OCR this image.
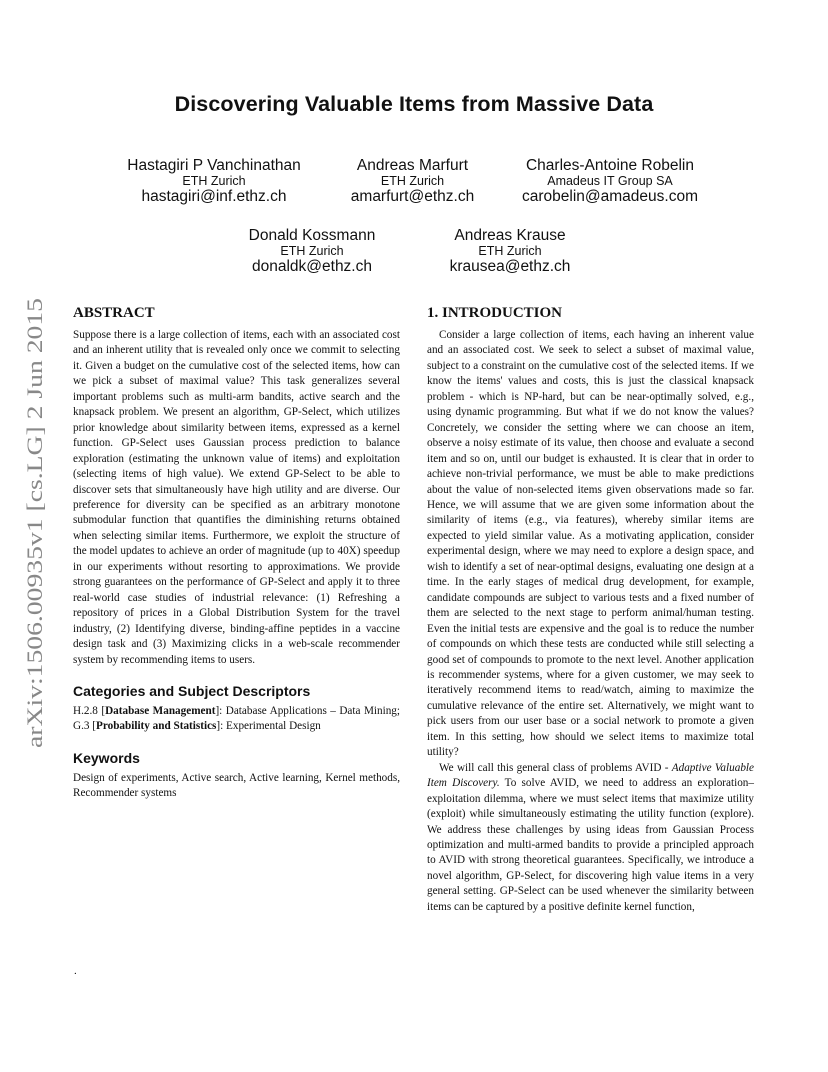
Discovering Valuable Items from Massive Data
Hastagiri P Vanchinathan
ETH Zurich
hastagiri@inf.ethz.ch
Andreas Marfurt
ETH Zurich
amarfurt@ethz.ch
Charles-Antoine Robelin
Amadeus IT Group SA
carobelin@amadeus.com
Donald Kossmann
ETH Zurich
donaldk@ethz.ch
Andreas Krause
ETH Zurich
krausea@ethz.ch
arXiv:1506.00935v1 [cs.LG] 2 Jun 2015
ABSTRACT

Suppose there is a large collection of items, each with an associated cost and an inherent utility that is revealed only once we commit to selecting it. Given a budget on the cumulative cost of the selected items, how can we pick a subset of maximal value? This task generalizes several important problems such as multi-arm bandits, active search and the knapsack problem. We present an algorithm, GP-Select, which utilizes prior knowledge about similarity between items, expressed as a kernel function. GP-Select uses Gaussian process prediction to balance exploration (estimating the unknown value of items) and exploitation (selecting items of high value). We extend GP-Select to be able to discover sets that simultaneously have high utility and are diverse. Our preference for diversity can be specified as an arbitrary monotone submodular function that quantifies the diminishing returns obtained when selecting similar items. Furthermore, we exploit the structure of the model updates to achieve an order of magnitude (up to 40X) speedup in our experiments without resorting to approximations. We provide strong guarantees on the performance of GP-Select and apply it to three real-world case studies of industrial relevance: (1) Refreshing a repository of prices in a Global Distribution System for the travel industry, (2) Identifying diverse, binding-affine peptides in a vaccine design task and (3) Maximizing clicks in a web-scale recommender system by recommending items to users.

Categories and Subject Descriptors

H.2.8 [Database Management]: Database Applications – Data Mining; G.3 [Probability and Statistics]: Experimental Design

Keywords

Design of experiments, Active search, Active learning, Kernel methods, Recommender systems

1. INTRODUCTION

Consider a large collection of items, each having an inherent value and an associated cost. We seek to select a subset of maximal value, subject to a constraint on the cumulative cost of the selected items. If we know the items' values and costs, this is just the classical knapsack problem - which is NP-hard, but can be near-optimally solved, e.g., using dynamic programming. But what if we do not know the values? Concretely, we consider the setting where we can choose an item, observe a noisy estimate of its value, then choose and evaluate a second item and so on, until our budget is exhausted. It is clear that in order to achieve non-trivial performance, we must be able to make predictions about the value of non-selected items given observations made so far. Hence, we will assume that we are given some information about the similarity of items (e.g., via features), whereby similar items are expected to yield similar value. As a motivating application, consider experimental design, where we may need to explore a design space, and wish to identify a set of near-optimal designs, evaluating one design at a time. In the early stages of medical drug development, for example, candidate compounds are subject to various tests and a fixed number of them are selected to the next stage to perform animal/human testing. Even the initial tests are expensive and the goal is to reduce the number of compounds on which these tests are conducted while still selecting a good set of compounds to promote to the next level. Another application is recommender systems, where for a given customer, we may seek to iteratively recommend items to read/watch, aiming to maximize the cumulative relevance of the entire set. Alternatively, we might want to pick users from our user base or a social network to promote a given item. In this setting, how should we select items to maximize total utility?

We will call this general class of problems AVID - Adaptive Valuable Item Discovery. To solve AVID, we need to address an exploration–exploitation dilemma, where we must select items that maximize utility (exploit) while simultaneously estimating the utility function (explore). We address these challenges by using ideas from Gaussian Process optimization and multi-armed bandits to provide a principled approach to AVID with strong theoretical guarantees. Specifically, we introduce a novel algorithm, GP-Select, for discovering high value items in a very general setting. GP-Select can be used whenever the similarity between items can be captured by a positive definite kernel function,

.
